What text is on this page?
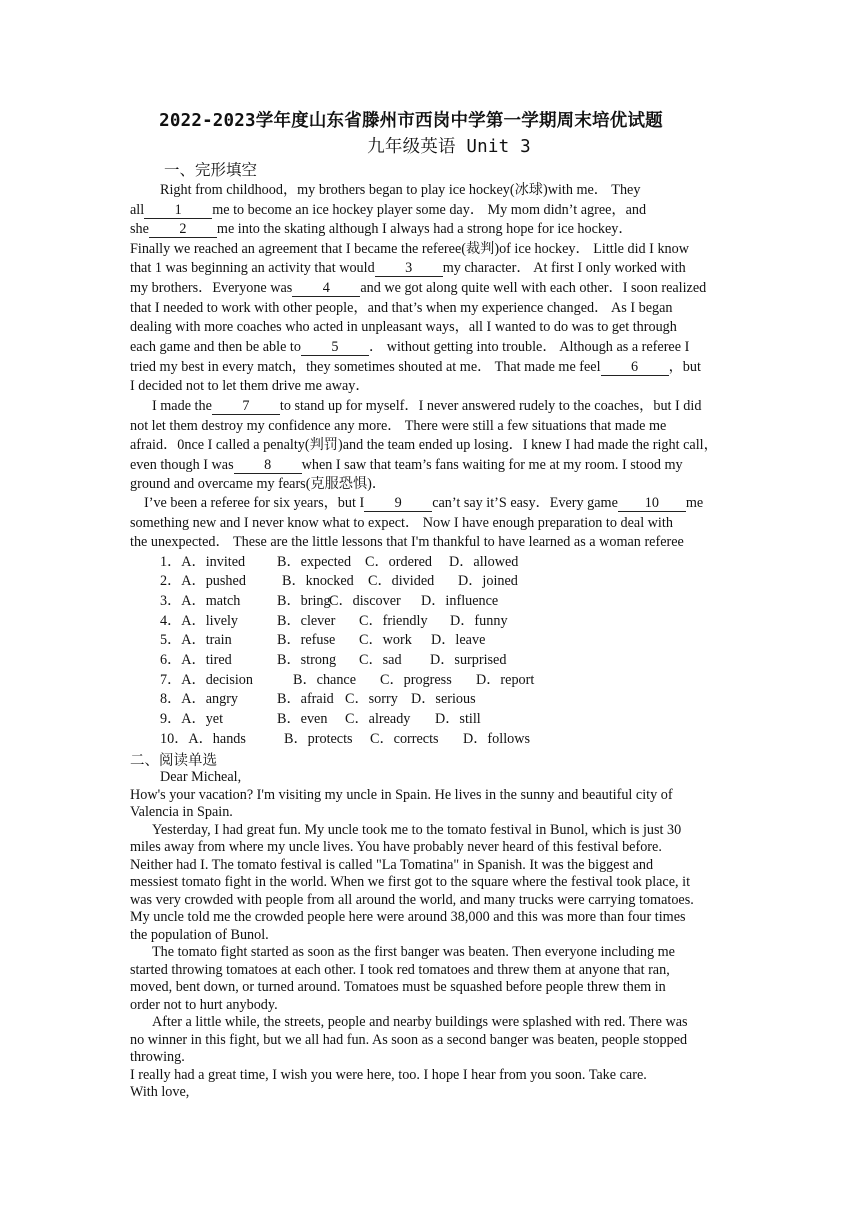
2022-2023学年度山东省滕州市西岗中学第一学期周末培优试题
九年级英语 Unit 3
一、完形填空
Right from childhood，my brothers began to play ice hockey(冰球)with me． They
all 1 me to become an ice hockey player some day． My mom didn’t agree，and
she 2 me into the skating although I always had a strong hope for ice hockey．
Finally we reached an agreement that I became the referee(裁判)of ice hockey． Little did I know
that 1 was beginning an activity that would 3 my character． At first I only worked with
my brothers．Everyone was 4 and we got along quite well with each other．I soon realized
that I needed to work with other people，and that’s when my experience changed． As I began
dealing with more coaches who acted in unpleasant ways，all I wanted to do was to get through
each game and then be able to 5 ． without getting into trouble． Although as a referee I
tried my best in every match，they sometimes shouted at me． That made me feel 6 ，but
I decided not to let them drive me away．
I made the 7 to stand up for myself．I never answered rudely to the coaches，but I did
not let them destroy my confidence any more． There were still a few situations that made me
afraid．0nce I called a penalty(判罚)and the team ended up losing．I knew I had made the right call，
even though I was 8 when I saw that team’s fans waiting for me at my room. I stood my
ground and overcame my fears(克服恐惧)．
I’ve been a referee for six years，but I 9 can’t say it’S easy．Every game 10 me
something new and I never know what to expect． Now I have enough preparation to deal with
the unexpected． These are the little lessons that I'm thankful to have learned as a woman referee
1．A．invited B．expected C．ordered D．allowed
2．A．pushed	B．knocked C．divided D．joined
3．A．match	B．bringC．discover D．influence
4．A．lively	B．clever C．friendly D．funny
5．A．train	B．refuse C．work D．leave
6．A．tired	B．strong C．sad D．surprised
7．A．decision	B．chance C．progress D．report
8．A．angry	B．afraid C．sorry D．serious
9．A．yet	B．even C．already D．still
10．A．hands	B．protects C．corrects D．follows
二、阅读单选
Dear Micheal,
How's your vacation? I'm visiting my uncle in Spain. He lives in the sunny and beautiful city of
Valencia in Spain.
Yesterday, I had great fun. My uncle took me to the tomato festival in Bunol, which is just 30
miles away from where my uncle lives. You have probably never heard of this festival before.
Neither had I. The tomato festival is called "La Tomatina" in Spanish. It was the biggest and
messiest tomato fight in the world. When we first got to the square where the festival took place, it
was very crowded with people from all around the world, and many trucks were carrying tomatoes.
My uncle told me the crowded people here were around 38,000 and this was more than four times
the population of Bunol.
The tomato fight started as soon as the first banger was beaten. Then everyone including me
started throwing tomatoes at each other. I took red tomatoes and threw them at anyone that ran,
moved, bent down, or turned around. Tomatoes must be squashed before people threw them in
order not to hurt anybody.
After a little while, the streets, people and nearby buildings were splashed with red. There was
no winner in this fight, but we all had fun. As soon as a second banger was beaten, people stopped
throwing.
I really had a great time, I wish you were here, too. I hope I hear from you soon. Take care.
With love,
